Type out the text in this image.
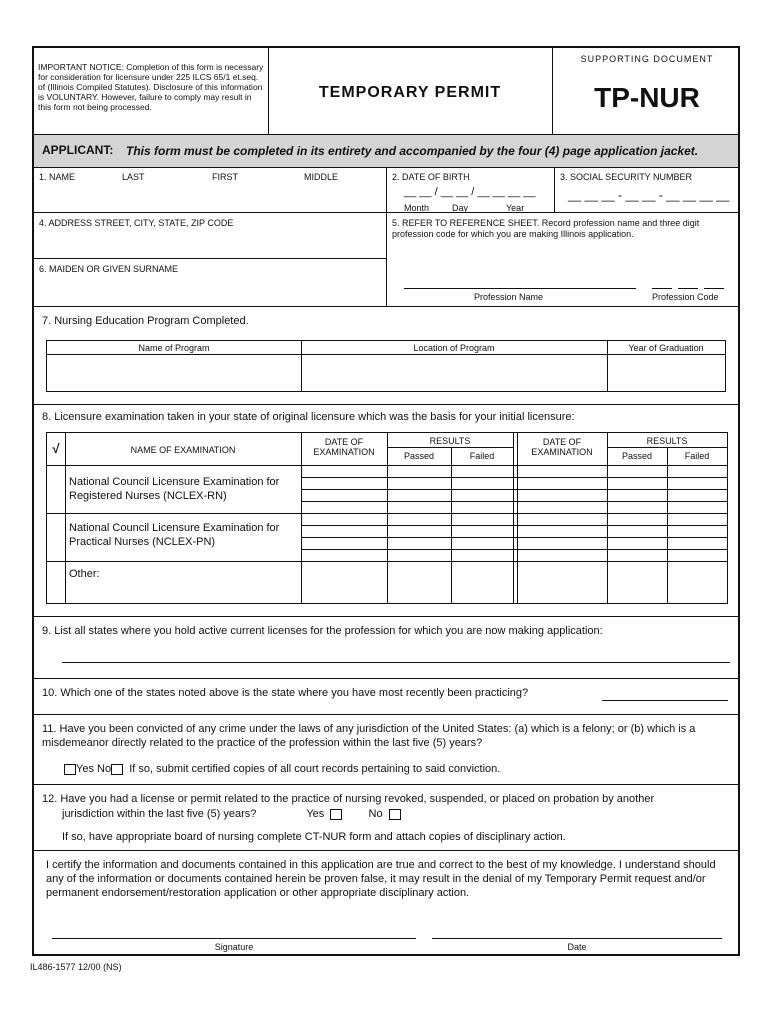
IMPORTANT NOTICE: Completion of this form is necessary for consideration for licensure under 225 ILCS 65/1 et.seq. of (Illinois Compiled Statutes). Disclosure of this information is VOLUNTARY. However, failure to comply may result in this form not being processed.
TEMPORARY PERMIT
SUPPORTING DOCUMENT
TP-NUR
APPLICANT: This form must be completed in its entirety and accompanied by the four (4) page application jacket.
1. NAME	LAST	FIRST	MIDDLE	2. DATE OF BIRTH
__ __ / __ __ / __ __ __ __
Month	Day	Year
3. SOCIAL SECURITY NUMBER
__ __ __ - __ __ - __ __ __ __
4. ADDRESS STREET, CITY, STATE, ZIP CODE	5. REFER TO REFERENCE SHEET. Record profession name and three digit profession code for which you are making Illinois application.
6. MAIDEN OR GIVEN SURNAME
Profession Name	Profession Code
7. Nursing Education Program Completed.
Name of Program	Location of Program	Year of Graduation
8. Licensure examination taken in your state of original licensure which was the basis for your initial licensure:
√	NAME OF EXAMINATION
DATE OF EXAMINATION
RESULTS
Passed	Failed
DATE OF EXAMINATION
RESULTS
Passed	Failed
National Council Licensure Examination for Registered Nurses (NCLEX-RN)
National Council Licensure Examination for Practical Nurses (NCLEX-PN)
Other:
9. List all states where you hold active current licenses for the profession for which you are now making application:
10. Which one of the states noted above is the state where you have most recently been practicing?
11. Have you been convicted of any crime under the laws of any jurisdiction of the United States: (a) which is a felony; or (b) which is a misdemeanor directly related to the practice of the profession within the last five (5) years?
Yes No If so, submit certified copies of all court records pertaining to said conviction.
12. Have you had a license or permit related to the practice of nursing revoked, suspended, or placed on probation by another
jurisdiction within the last five (5) years?	Yes	No
If so, have appropriate board of nursing complete CT-NUR form and attach copies of disciplinary action.
I certify the information and documents contained in this application are true and correct to the best of my knowledge. I understand should any of the information or documents contained herein be proven false, it may result in the denial of my Temporary Permit request and/or permanent endorsement/restoration application or other appropriate disciplinary action.
Signature	Date
IL486-1577 12/00 (NS)
